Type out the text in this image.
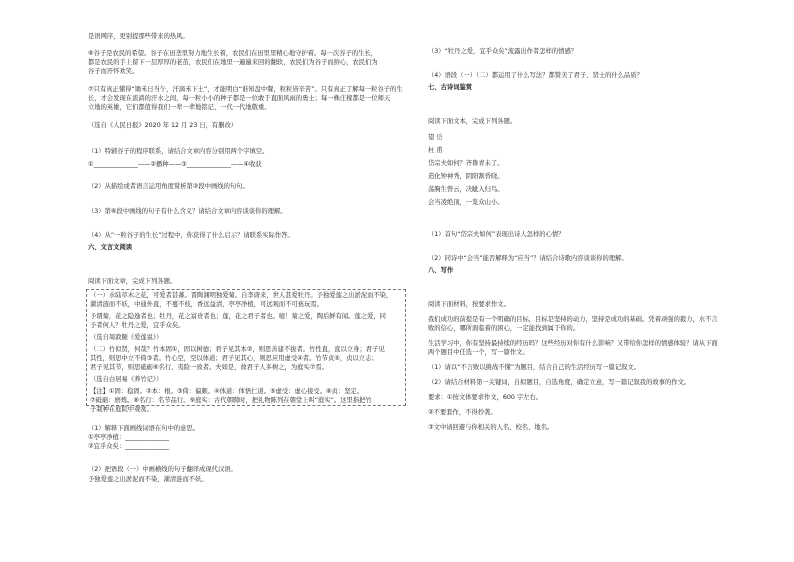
是语网序，更别提那些带来的热风。
⑥谷子是农民的希望。谷子在田垄里努力地生长着，农民们在田里里精心地守护着。每一次谷子的生长，
都是农民的手上留下一层厚厚的老茧，农民们在地里一遍遍来回的翻软，农民们为谷子而拚心，农民们为
谷子而开怀欢笑。
⑦只有真正懂得“锄禾日当午，汗滴禾下土”，才能明白“谁知盘中餐，粒粒皆辛苦”。只有真正了解每一粒谷子的生
长，才会发现在流淌的汗水之间，每一粒小小的种子都是一位敢于直面风雨的勇士；每一株庄稼都是一位师天
立地的英雄，它们都值得我们一辈一辈地铭记、一代一代地敬重。
（选自《人民日报》2020 年 12 月 23 日，有删改）
（1）特辅谷子的程序联系，请结合文章内容分别用两个字填空。
①______________——②播种——③______________——④收获
（2）从描绘或者语言运用角度赏析第②段中画线的句句。
（3）第⑥段中画线的句子有什么含义？请结合文章内容谈谈你的理解。
（4）从“一粒谷子的生长”过程中，你获得了什么启示？请联系实际作答。
六、文言文阅读
阅读下面文章，完成下列各题。
（一）水陆草木之花，可爱者甚蕃。晋陶渊明独爱菊。自李唐来，世人甚爱牡丹。予独爱莲之出淤泥而不染，
濯清涟而不妖，中通外直，不蔓不枝，香远益清，亭亭净植，可远观而不可亵玩焉。
予谓菊，花之隐逸者也；牡丹，花之富贵者也；莲，花之君子者也。噫！菊之爱，陶后鲜有闻。莲之爱，同
予者何人？牡丹之爱，宜乎众矣。
（选自周敦颐《爱莲说》）
（二）竹似贤，何哉？竹本固①，固以树德；君子见其本②，则思善建不拔者。竹性直，直以立身；君子见
其性，则思中立不倚③者。竹心空，空以体道；君子见其心，则思应用虚受④者。竹节贞⑤，贞以立志；
君子见其节，则思砥砺⑥名行，夷险一致者。夫如是，故君子人多树之，为庭实⑦焉。
（选自白居易《养竹记》）
【注】①固：稳固。②本：根。③倚：偏颇。④体道：体悟仁道。⑤虚受：虚心接受。⑥贞：坚定。
⑦砥砺：磨炼。⑧名行：名节品行。⑨庭实：古代朝聘时，把礼物陈列在朝堂上叫“庭实”。这里指把竹
子栽种在庭院中观赏。
（1）解释下面画线词语在句中的意思。
①亭亭净植：______________
②宜乎众矣：______________
（2）把语段（一）中画横线的句子翻译成现代汉语。
予独爱莲之出淤泥而不染，濯清涟而不妖。
（3）“牡丹之爱，宜乎众矣”流露出作者怎样的情感？
（4）语段（一）（二）都运用了什么写法？都赞美了君子、贤士的什么品质？
七、古诗词鉴赏
阅读下面文本，完成下列各题。
望 岳
杜 甫
岱宗夫如何？齐鲁青未了。
造化钟神秀，阴阳割昏晓。
荡胸生曾云，决眦入归鸟。
会当凌绝顶，一览众山小。
（1）首句“岱宗夫如何”表现出诗人怎样的心情？
（2）同诗中“会当”能否解释为“应当”？请结合诗歌内容谈谈你的理解。
八、写作
阅读下面材料，按要求作文。
我们成功的前提是有一个明确的目标，目标是坚持的动力，坚持是成功的基础。凭着顽强的毅力，水不言
败的信心，哪所面临着的困心，一定能找到属于你的。
生活学习中，你有坚持最持续的经历吗？这些经历对你有什么影响？又带给你怎样的情感体验？请从下面
两个题目中任选一个，写一篇作文。
（1）请以“不言败以挑战不懂”为题目，结合自己的生活经历写一篇记叙文。
（2）请结合材料第一关键词，自拟题目，自选角度，确定立意，写一篇记叙我的故事的作文。
要求：①按文体要求作文，600 字左右。
②不要套作，不得抄袭。
③文中请回避与你相关的人名、校名、地名。
